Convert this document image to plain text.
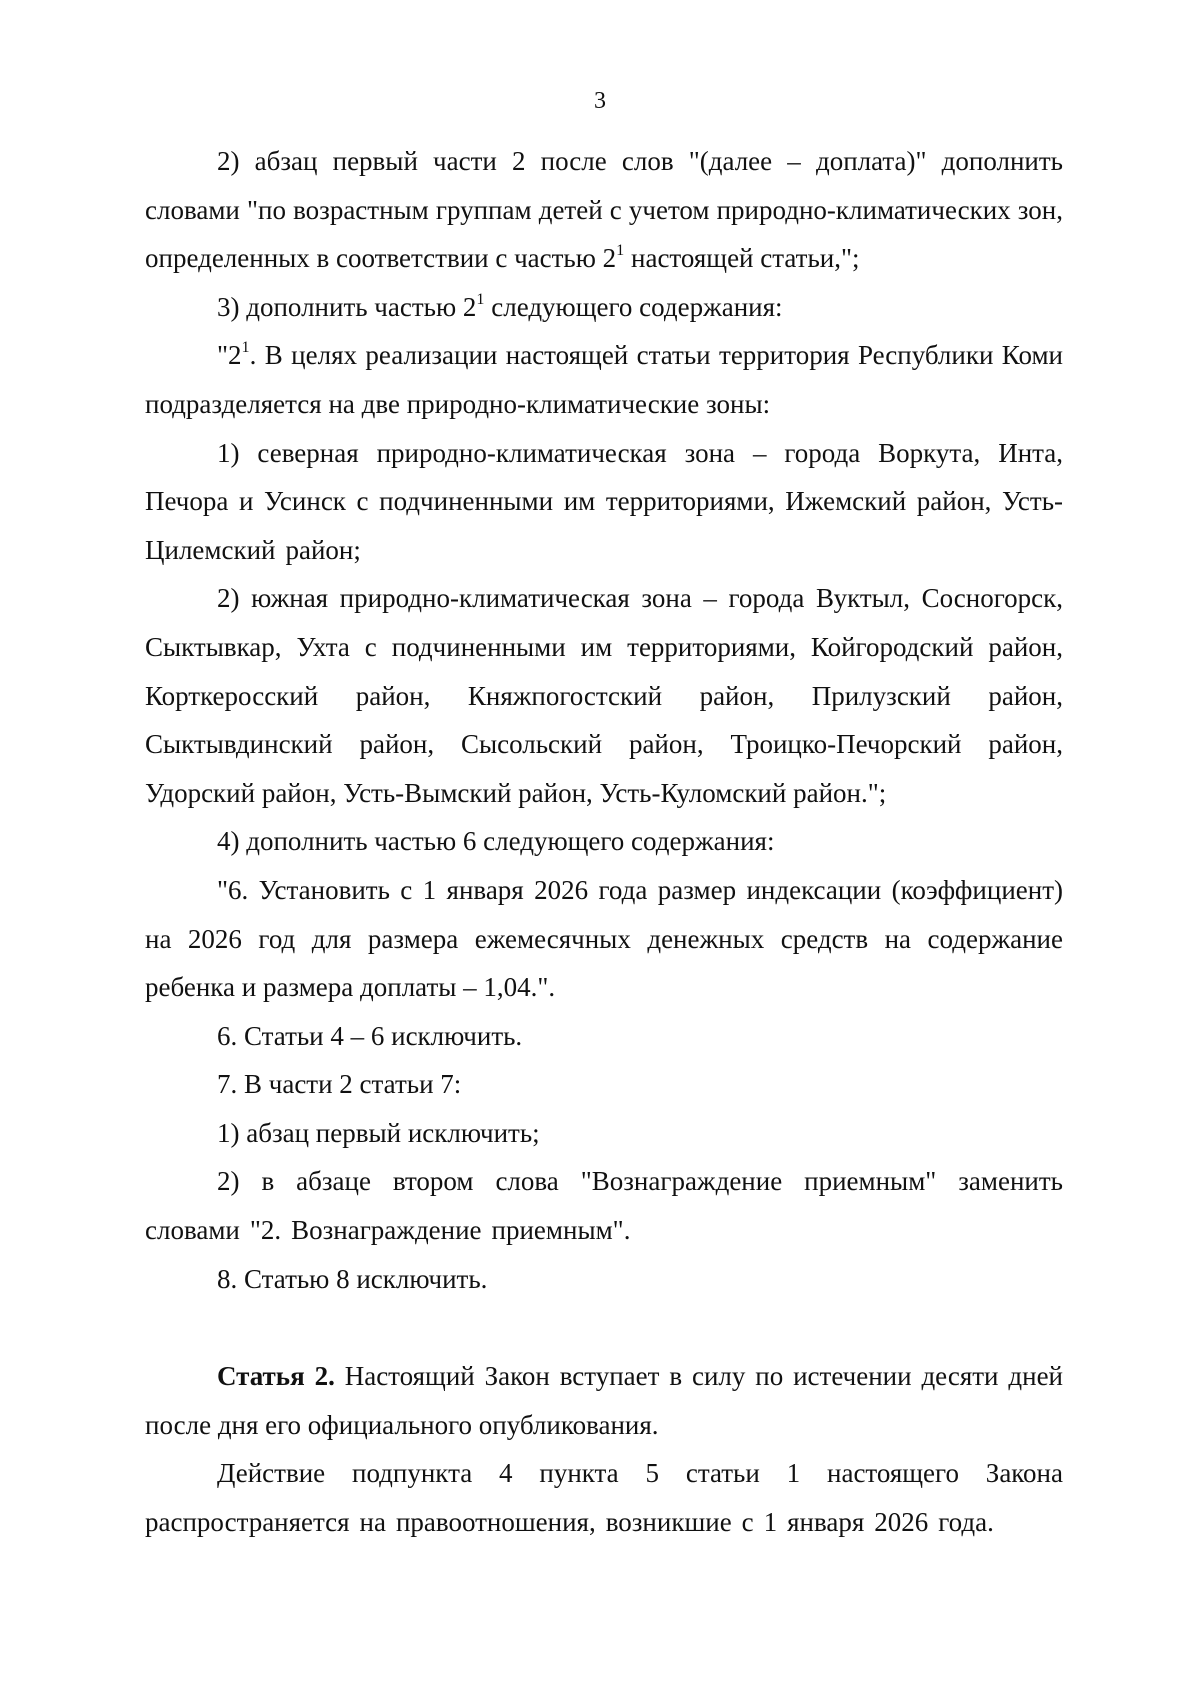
3

2) абзац первый части 2 после слов "(далее – доплата)" дополнить словами "по возрастным группам детей с учетом природно-климатических зон, определенных в соответствии с частью $2^1$ настоящей статьи,";

3) дополнить частью $2^1$ следующего содержания:

"$2^1$. В целях реализации настоящей статьи территория Республики Коми подразделяется на две природно-климатические зоны:

1) северная природно-климатическая зона – города Воркута, Инта, Печора и Усинск с подчиненными им территориями, Ижемский район, Усть-Цилемский район;

2) южная природно-климатическая зона – города Вуктыл, Сосногорск, Сыктывкар, Ухта с подчиненными им территориями, Койгородский район, Корткеросский район, Княжпогостский район, Прилузский район, Сыктывдинский район, Сысольский район, Троицко-Печорский район, Удорский район, Усть-Вымский район, Усть-Куломский район.";

4) дополнить частью 6 следующего содержания:

"6. Установить с 1 января 2026 года размер индексации (коэффициент) на 2026 год для размера ежемесячных денежных средств на содержание ребенка и размера доплаты – 1,04.".

6. Статьи 4 – 6 исключить.

7. В части 2 статьи 7:

1) абзац первый исключить;

2) в абзаце втором слова "Вознаграждение приемным" заменить словами "2. Вознаграждение приемным".

8. Статью 8 исключить.

Статья 2. Настоящий Закон вступает в силу по истечении десяти дней после дня его официального опубликования.

Действие подпункта 4 пункта 5 статьи 1 настоящего Закона распространяется на правоотношения, возникшие с 1 января 2026 года.
